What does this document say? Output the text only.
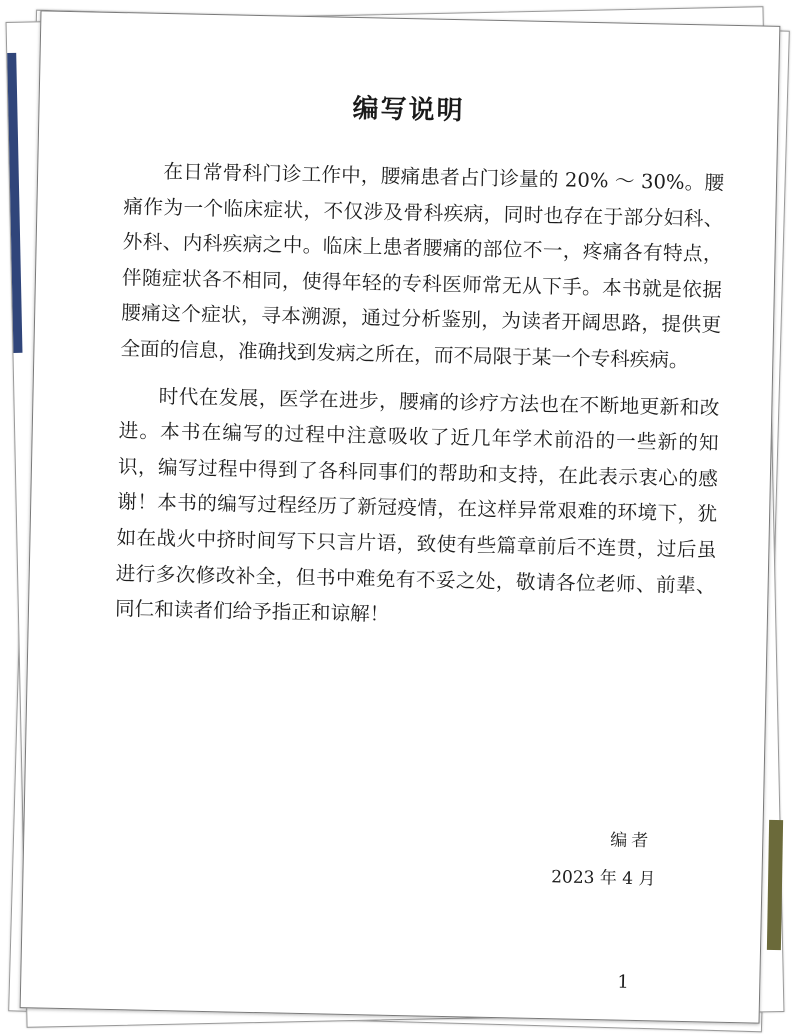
编写说明

在日常骨科门诊工作中，腰痛患者占门诊量的 20% ～ 30%。腰痛作为一个临床症状，不仅涉及骨科疾病，同时也存在于部分妇科、外科、内科疾病之中。临床上患者腰痛的部位不一，疼痛各有特点，伴随症状各不相同，使得年轻的专科医师常无从下手。本书就是依据腰痛这个症状，寻本溯源，通过分析鉴别，为读者开阔思路，提供更全面的信息，准确找到发病之所在，而不局限于某一个专科疾病。

时代在发展，医学在进步，腰痛的诊疗方法也在不断地更新和改进。本书在编写的过程中注意吸收了近几年学术前沿的一些新的知识，编写过程中得到了各科同事们的帮助和支持，在此表示衷心的感谢！本书的编写过程经历了新冠疫情，在这样异常艰难的环境下，犹如在战火中挤时间写下只言片语，致使有些篇章前后不连贯，过后虽进行多次修改补全，但书中难免有不妥之处，敬请各位老师、前辈、同仁和读者们给予指正和谅解！

编者
2023 年 4 月
1
